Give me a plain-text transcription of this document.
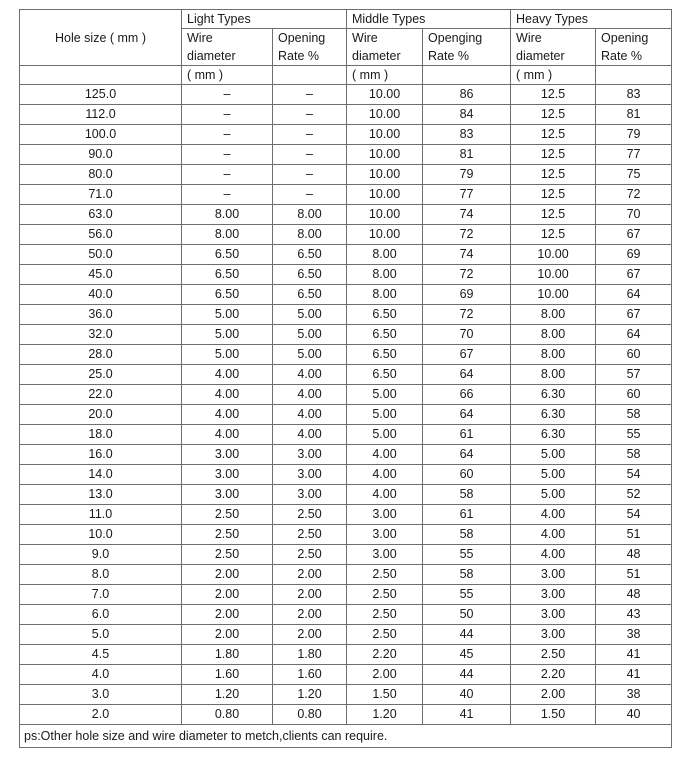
	Light Types		Middle Types		Heavy Types	
Hole size ( mm )	Wire	Opening	Wire	Openging	Wire	Opening
	diameter	Rate %	diameter	Rate %	diameter	Rate %
	( mm )		( mm )		( mm )	
125.0	–	–	10.00	86	12.5	83
112.0	–	–	10.00	84	12.5	81
100.0	–	–	10.00	83	12.5	79
90.0	–	–	10.00	81	12.5	77
80.0	–	–	10.00	79	12.5	75
71.0	–	–	10.00	77	12.5	72
63.0	8.00	8.00	10.00	74	12.5	70
56.0	8.00	8.00	10.00	72	12.5	67
50.0	6.50	6.50	8.00	74	10.00	69
45.0	6.50	6.50	8.00	72	10.00	67
40.0	6.50	6.50	8.00	69	10.00	64
36.0	5.00	5.00	6.50	72	8.00	67
32.0	5.00	5.00	6.50	70	8.00	64
28.0	5.00	5.00	6.50	67	8.00	60
25.0	4.00	4.00	6.50	64	8.00	57
22.0	4.00	4.00	5.00	66	6.30	60
20.0	4.00	4.00	5.00	64	6.30	58
18.0	4.00	4.00	5.00	61	6.30	55
16.0	3.00	3.00	4.00	64	5.00	58
14.0	3.00	3.00	4.00	60	5.00	54
13.0	3.00	3.00	4.00	58	5.00	52
11.0	2.50	2.50	3.00	61	4.00	54
10.0	2.50	2.50	3.00	58	4.00	51
9.0	2.50	2.50	3.00	55	4.00	48
8.0	2.00	2.00	2.50	58	3.00	51
7.0	2.00	2.00	2.50	55	3.00	48
6.0	2.00	2.00	2.50	50	3.00	43
5.0	2.00	2.00	2.50	44	3.00	38
4.5	1.80	1.80	2.20	45	2.50	41
4.0	1.60	1.60	2.00	44	2.20	41
3.0	1.20	1.20	1.50	40	2.00	38
2.0	0.80	0.80	1.20	41	1.50	40
ps:Other hole size and wire diameter to metch,clients can require.						
